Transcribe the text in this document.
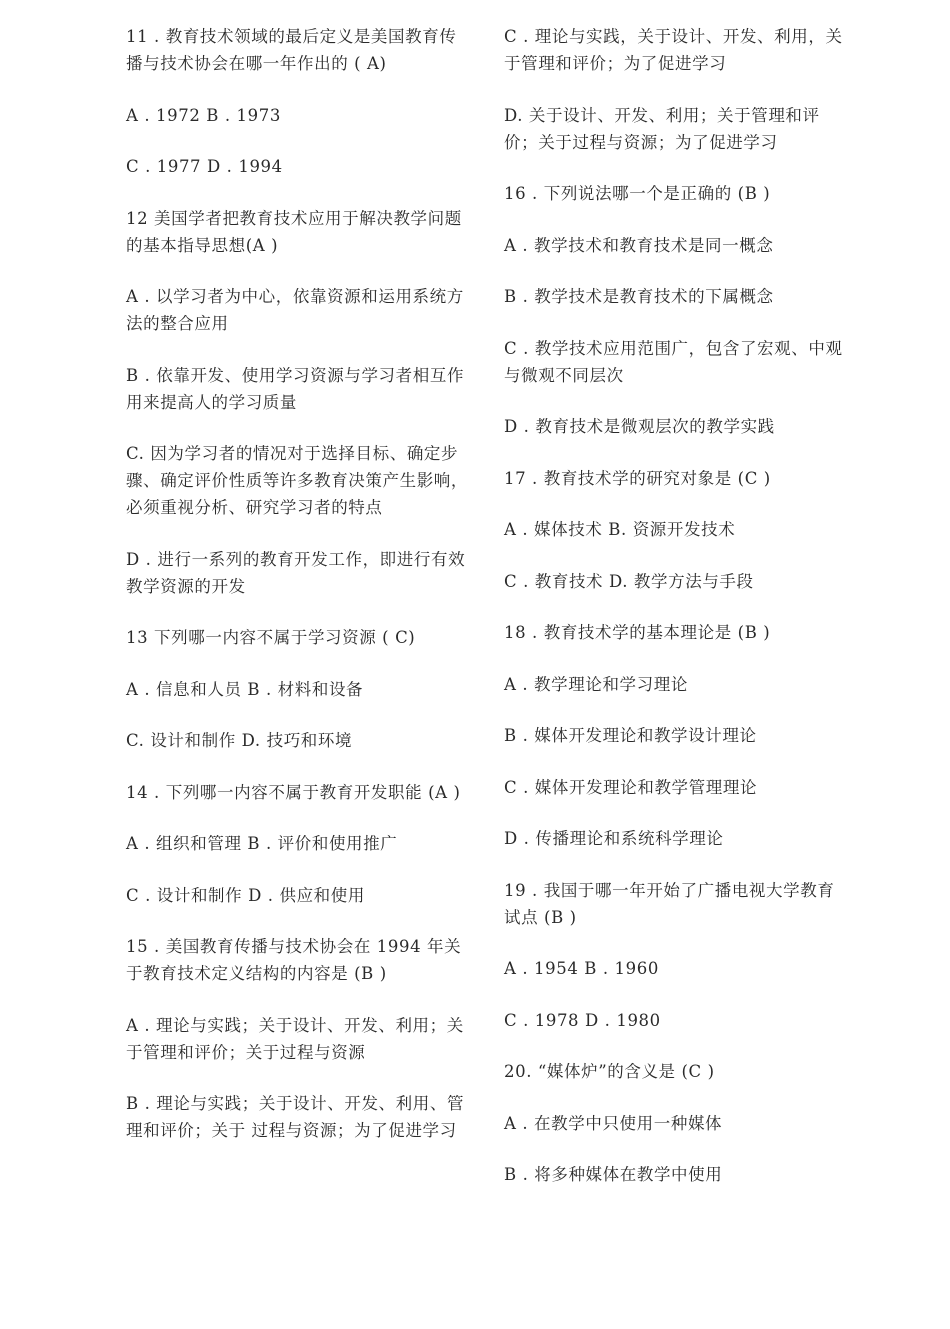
11 . 教育技术领域的最后定义是美国教育传播与技术协会在哪一年作出的 ( A)

A . 1972 B . 1973

C . 1977 D . 1994

12 美国学者把教育技术应用于解决教学问题的基本指导思想(A )

A . 以学习者为中心，依靠资源和运用系统方法的整合应用

B . 依靠开发、使用学习资源与学习者相互作用来提高人的学习质量

C. 因为学习者的情况对于选择目标、确定步骤、确定评价性质等许多教育决策产生影响，必须重视分析、研究学习者的特点

D . 进行一系列的教育开发工作，即进行有效教学资源的开发

13 下列哪一内容不属于学习资源 ( C)

A . 信息和人员 B . 材料和设备

C. 设计和制作 D. 技巧和环境

14 . 下列哪一内容不属于教育开发职能 (A )

A . 组织和管理 B . 评价和使用推广

C . 设计和制作 D . 供应和使用

15 . 美国教育传播与技术协会在 1994 年关于教育技术定义结构的内容是 (B )

A . 理论与实践；关于设计、开发、利用；关于管理和评价；关于过程与资源

B . 理论与实践；关于设计、开发、利用、管理和评价；关于 过程与资源；为了促进学习

C . 理论与实践，关于设计、开发、利用，关于管理和评价；为了促进学习

D. 关于设计、开发、利用；关于管理和评价；关于过程与资源；为了促进学习

16 . 下列说法哪一个是正确的 (B )

A . 教学技术和教育技术是同一概念

B . 教学技术是教育技术的下属概念

C . 教学技术应用范围广，包含了宏观、中观与微观不同层次

D . 教育技术是微观层次的教学实践

17 . 教育技术学的研究对象是 (C )

A . 媒体技术 B. 资源开发技术

C . 教育技术 D. 教学方法与手段

18 . 教育技术学的基本理论是 (B )

A . 教学理论和学习理论

B . 媒体开发理论和教学设计理论

C . 媒体开发理论和教学管理理论

D . 传播理论和系统科学理论

19 . 我国于哪一年开始了广播电视大学教育试点 (B )

A . 1954 B . 1960

C . 1978 D . 1980

20. “媒体炉”的含义是 (C )

A . 在教学中只使用一种媒体

B . 将多种媒体在教学中使用
